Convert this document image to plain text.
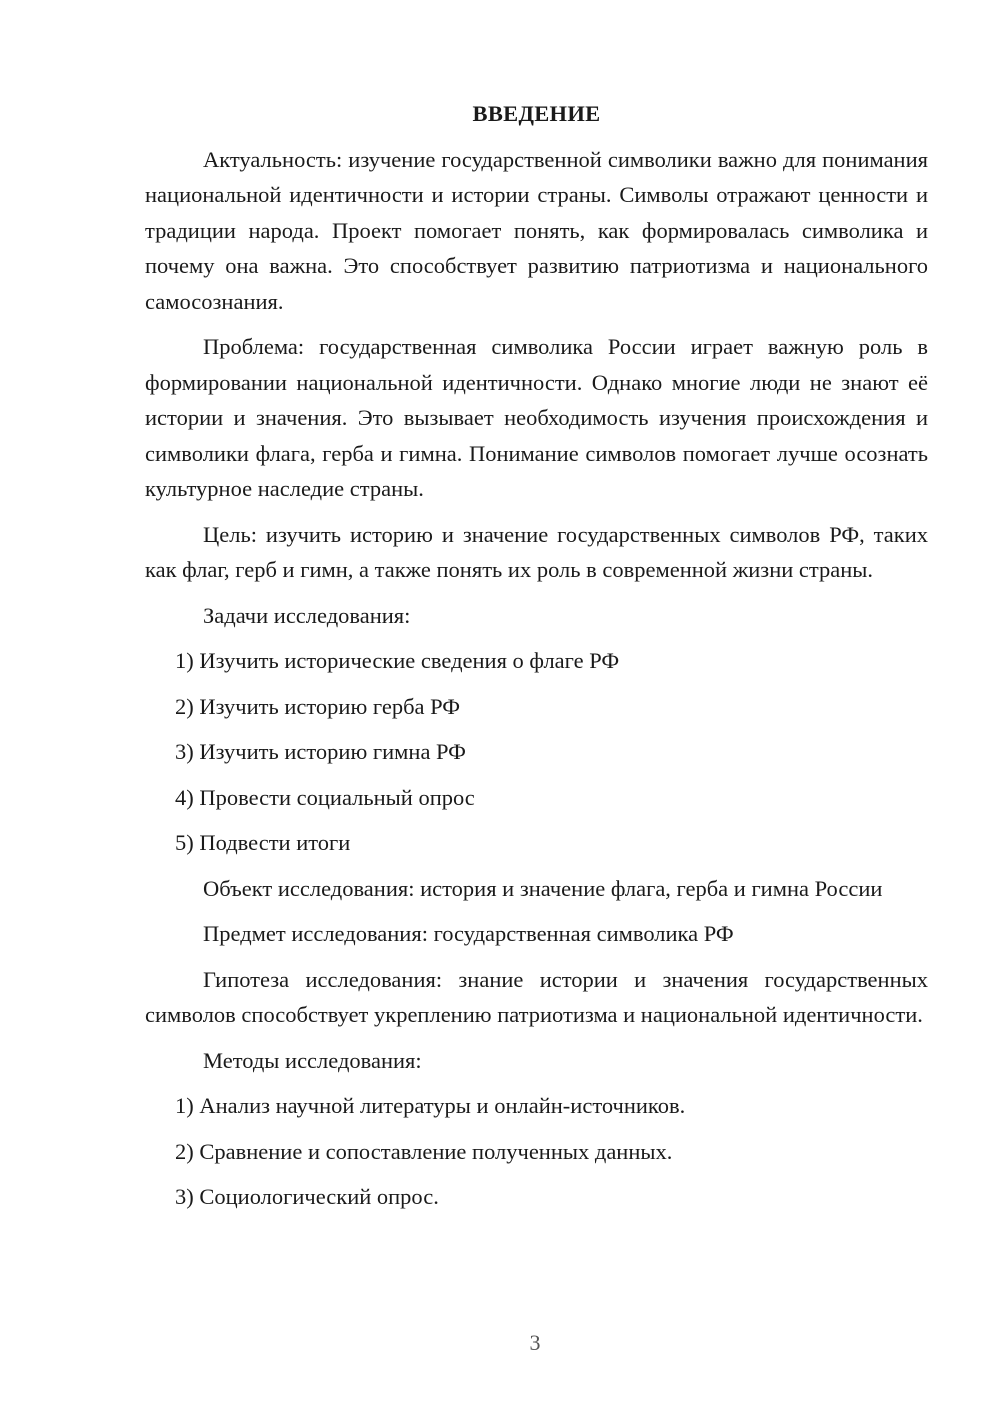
ВВЕДЕНИЕ

Актуальность: изучение государственной символики важно для понимания национальной идентичности и истории страны. Символы отражают ценности и традиции народа. Проект помогает понять, как формировалась символика и почему она важна. Это способствует развитию патриотизма и национального самосознания.

Проблема: государственная символика России играет важную роль в формировании национальной идентичности. Однако многие люди не знают её истории и значения. Это вызывает необходимость изучения происхождения и символики флага, герба и гимна. Понимание символов помогает лучше осознать культурное наследие страны.

Цель: изучить историю и значение государственных символов РФ, таких как флаг, герб и гимн, а также понять их роль в современной жизни страны.

Задачи исследования:

1) Изучить исторические сведения о флаге РФ
2) Изучить историю герба РФ
3) Изучить историю гимна РФ
4) Провести социальный опрос
5) Подвести итоги

Объект исследования: история и значение флага, герба и гимна России

Предмет исследования: государственная символика РФ

Гипотеза исследования: знание истории и значения государственных символов способствует укреплению патриотизма и национальной идентичности.

Методы исследования:

1) Анализ научной литературы и онлайн-источников.
2) Сравнение и сопоставление полученных данных.
3) Социологический опрос.
3
